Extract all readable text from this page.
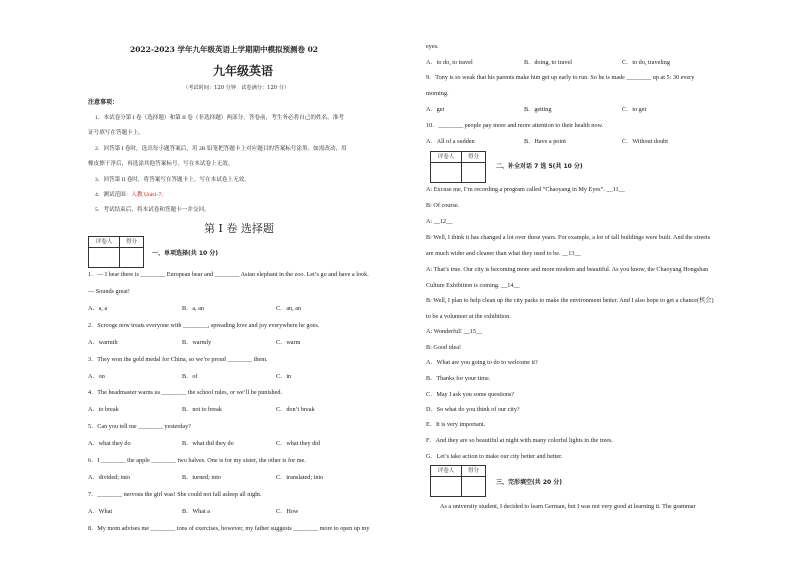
2022-2023 学年九年级英语上学期期中模拟预测卷 02
九年级英语
（考试时间：120 分钟　试卷满分：120 分）
注意事项：
1．本试卷分第 I 卷（选择题）和第 II 卷（非选择题）两部分。答卷前，考生务必将自己的姓名、准考
证号填写在答题卡上。
2．回答第 I 卷时，选出每小题答案后，用 2B 铅笔把答题卡上对应题目的答案标号涂黑。如需改动，用
橡皮擦干净后，再选涂其他答案标号。写在本试卷上无效。
3．回答第 II 卷时，将答案写在答题卡上。写在本试卷上无效。
4．测试范围：人教 Unit1-7。
5．考试结束后，将本试卷和答题卡一并交回。
第 I 卷 选择题
评卷人	得分
一、单项选择(共 10 分)
1．— I hear there is ________ European bear and ________ Asian elephant in the zoo. Let’s go and have a look.
— Sounds great!
A．a, a	B．a, an	C．an, an
2．Scrooge now treats everyone with ________, spreading love and joy everywhere he goes.
A．warmth	B．warmly	C．warm
3．They won the gold medal for China, so we’re proud ________ them.
A．on	B．of	C．in
4．The headmaster warns us ________ the school rules, or we’ll be punished.
A．to break	B．not to break	C．don’t break
5．Can you tell me ________ yesterday?
A．what they do	B．what did they do	C．what they did
6．I ________ the apple ________ two halves. One is for my sister, the other is for me.
A．divided; into	B．turned; into	C．translated; into
7．________ nervous the girl was! She could not fall asleep all night.
A．What	B．What a	C．How
8．My mom advises me ________ tons of exercises, however, my father suggests ________ more to open up my
eyes.
A．to do, to travel	B．doing, to travel	C．to do, traveling
9．Tony is so weak that his parents make him get up early to run. So he is made ________ up at 5: 30 every
morning.
A．get	B．getting	C．to get
10．________ people pay more and more attention to their health now.
A．All of a sudden	B．Have a point	C．Without doubt
评卷人	得分
二、补全对话 7 选 5(共 10 分)
A: Excuse me, I’m recording a program called “Chaoyang in My Eyes”. __11__
B: Of course.
A: __12__
B: Well, I think it has changed a lot over these years. For example, a lot of tall buildings were built. And the streets
are much wider and cleaner than what they used to be. __13__
A: That’s true. Our city is becoming more and more modern and beautiful. As you know, the Chaoyang Hongshan
Culture Exhibition is coming. __14__
B: Well, I plan to help clean up the city parks to make the environment better. And I also hope to get a chance(机会)
to be a volunteer at the exhibition.
A: Wonderful! __15__
B: Good idea!
A．What are you going to do to welcome it?
B．Thanks for your time.
C．May I ask you some questions?
D．So what do you think of our city?
E．It is very important.
F．And they are so beautiful at night with many colorful lights in the trees.
G．Let’s take action to make our city better and better.
评卷人	得分
三、完形填空(共 20 分)
As a university student, I decided to learn German, but I was not very good at learning it. The grammar
